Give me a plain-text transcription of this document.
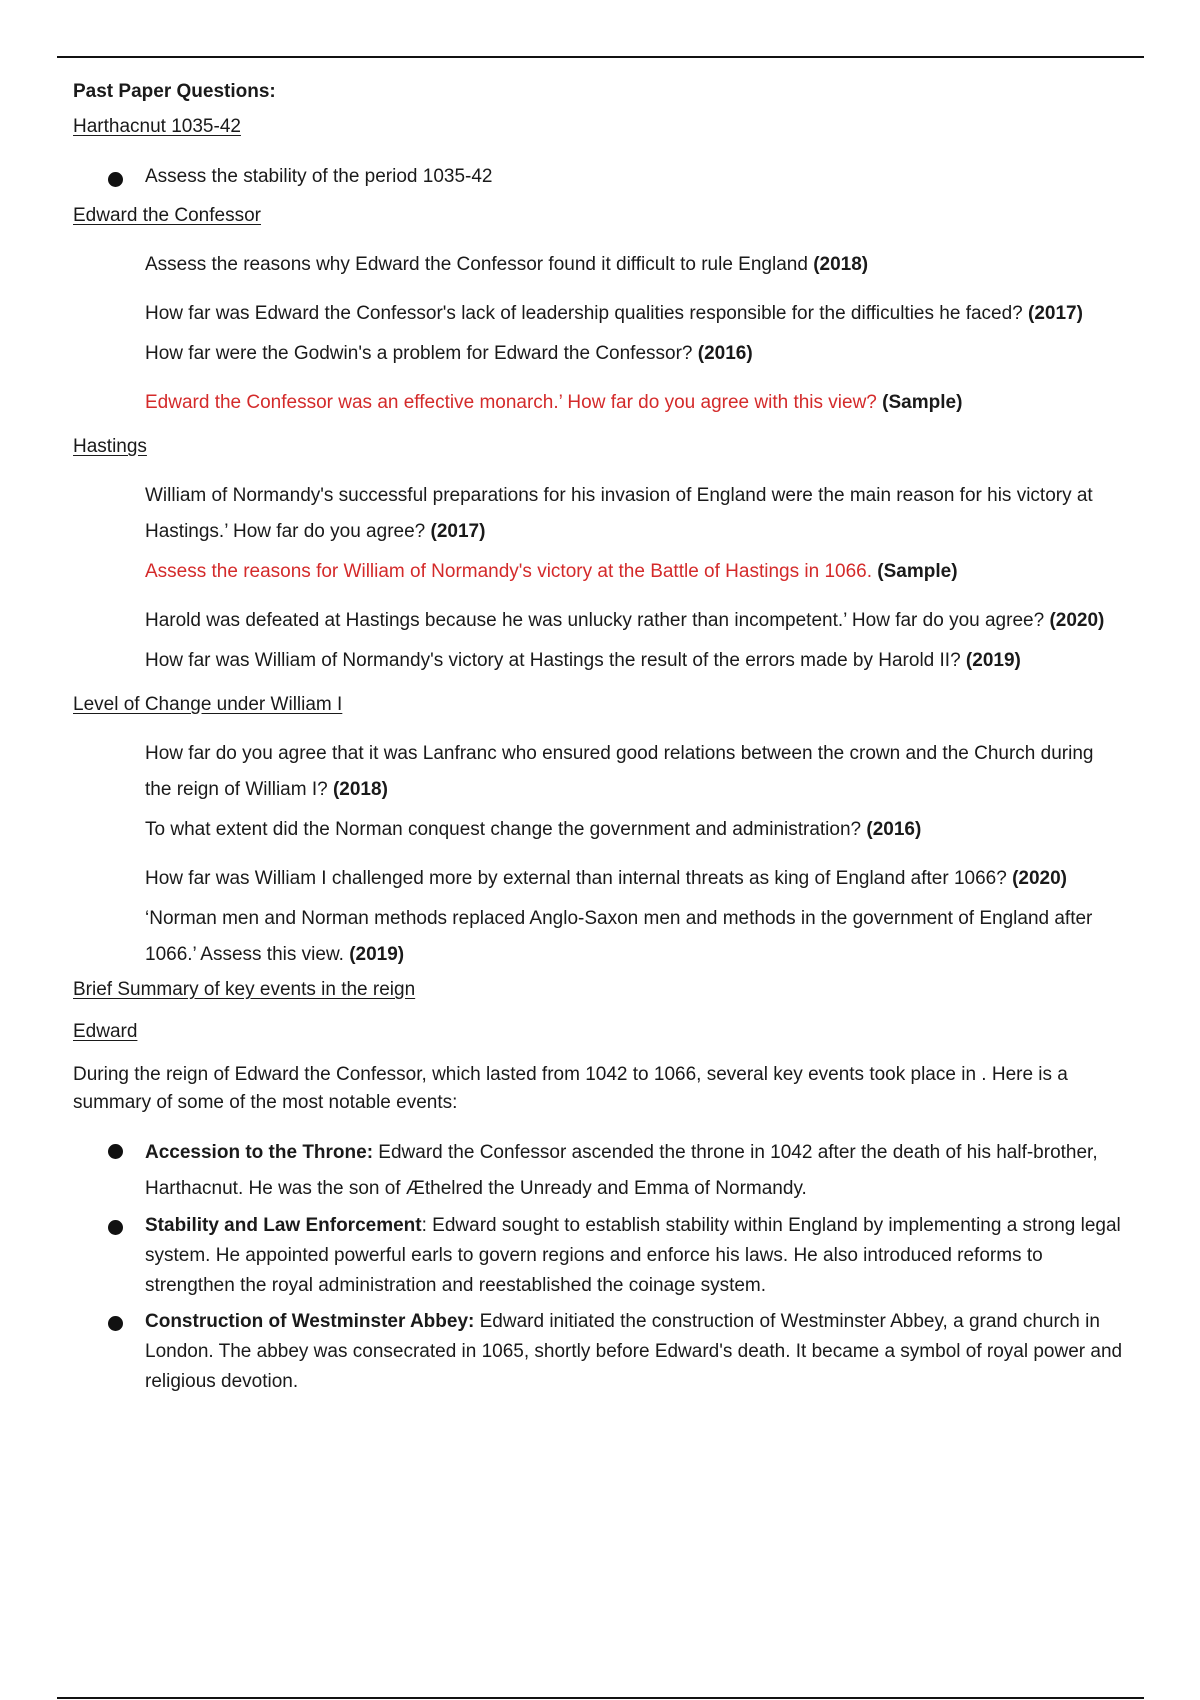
Past Paper Questions:
Harthacnut 1035-42
Assess the stability of the period 1035-42
Edward the Confessor
Assess the reasons why Edward the Confessor found it difficult to rule England (2018)
How far was Edward the Confessor's lack of leadership qualities responsible for the difficulties he faced? (2017)
How far were the Godwin's a problem for Edward the Confessor? (2016)
Edward the Confessor was an effective monarch.’ How far do you agree with this view? (Sample)
Hastings
William of Normandy's successful preparations for his invasion of England were the main reason for his victory at Hastings.’ How far do you agree? (2017)
Assess the reasons for William of Normandy's victory at the Battle of Hastings in 1066. (Sample)
Harold was defeated at Hastings because he was unlucky rather than incompetent.’ How far do you agree? (2020)
How far was William of Normandy's victory at Hastings the result of the errors made by Harold II? (2019)
Level of Change under William I
How far do you agree that it was Lanfranc who ensured good relations between the crown and the Church during the reign of William I? (2018)
To what extent did the Norman conquest change the government and administration? (2016)
How far was William I challenged more by external than internal threats as king of England after 1066? (2020)
‘Norman men and Norman methods replaced Anglo-Saxon men and methods in the government of England after 1066.’ Assess this view. (2019)
Brief Summary of key events in the reign
Edward
During the reign of Edward the Confessor, which lasted from 1042 to 1066, several key events took place in . Here is a summary of some of the most notable events:
Accession to the Throne: Edward the Confessor ascended the throne in 1042 after the death of his half-brother, Harthacnut. He was the son of Æthelred the Unready and Emma of Normandy.
Stability and Law Enforcement: Edward sought to establish stability within England by implementing a strong legal system. He appointed powerful earls to govern regions and enforce his laws. He also introduced reforms to strengthen the royal administration and reestablished the coinage system.
Construction of Westminster Abbey: Edward initiated the construction of Westminster Abbey, a grand church in London. The abbey was consecrated in 1065, shortly before Edward's death. It became a symbol of royal power and religious devotion.
